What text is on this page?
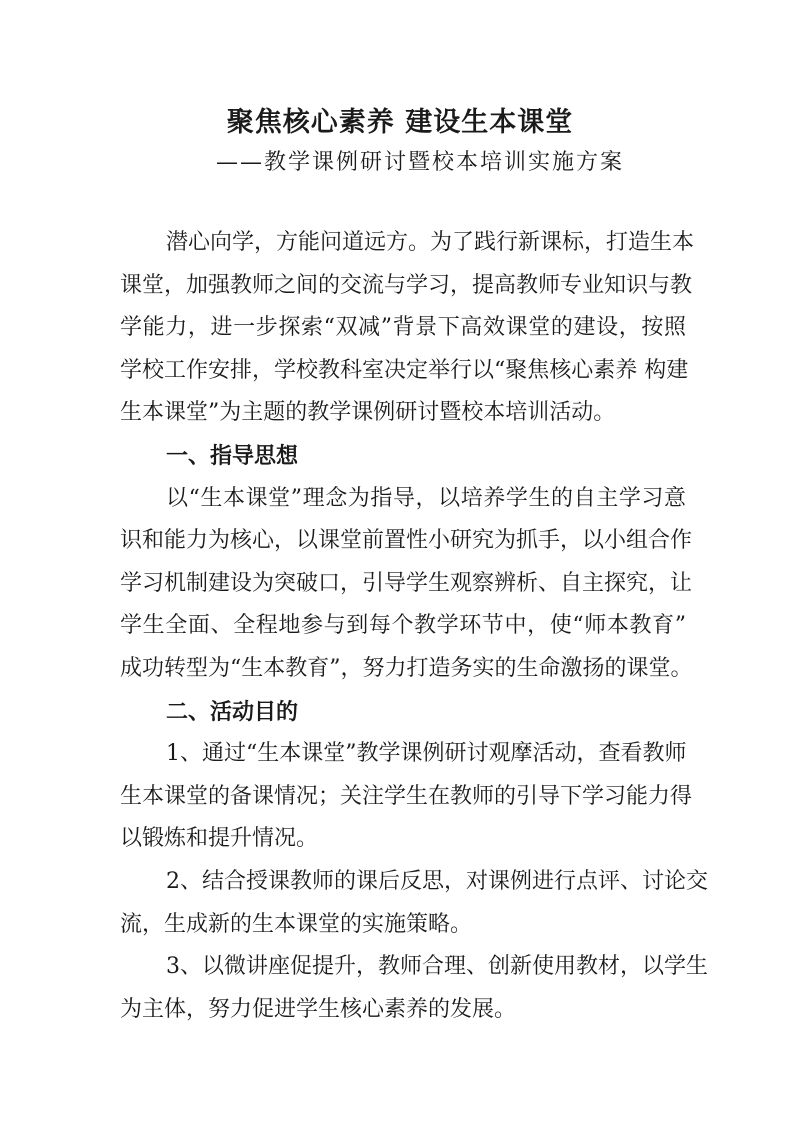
聚焦核心素养 建设生本课堂
——教学课例研讨暨校本培训实施方案
潜心向学，方能问道远方。为了践行新课标，打造生本
课堂，加强教师之间的交流与学习，提高教师专业知识与教
学能力，进一步探索“双减”背景下高效课堂的建设，按照
学校工作安排，学校教科室决定举行以“聚焦核心素养 构建
生本课堂”为主题的教学课例研讨暨校本培训活动。
一、指导思想
以“生本课堂”理念为指导，以培养学生的自主学习意
识和能力为核心，以课堂前置性小研究为抓手，以小组合作
学习机制建设为突破口，引导学生观察辨析、自主探究，让
学生全面、全程地参与到每个教学环节中，使“师本教育”
成功转型为“生本教育”，努力打造务实的生命激扬的课堂。
二、活动目的
1、通过“生本课堂”教学课例研讨观摩活动，查看教师
生本课堂的备课情况；关注学生在教师的引导下学习能力得
以锻炼和提升情况。
2、结合授课教师的课后反思，对课例进行点评、讨论交
流，生成新的生本课堂的实施策略。
3、以微讲座促提升，教师合理、创新使用教材，以学生
为主体，努力促进学生核心素养的发展。
